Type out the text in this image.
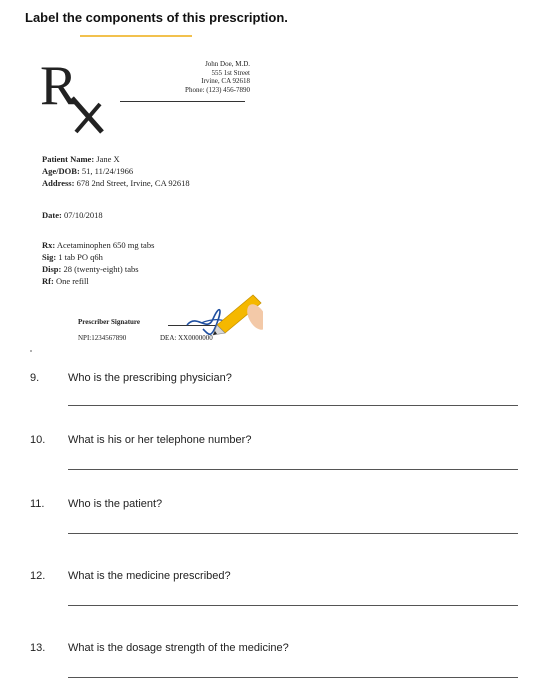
Label the components of this prescription.
R	John Doe, M.D.
555 1st Street
Irvine, CA 92618
Phone: (123) 456-7890
Patient Name: Jane X
Age/DOB: 51, 11/24/1966
Address: 678 2nd Street, Irvine, CA 92618
Date: 07/10/2018
Rx: Acetaminophen 650 mg tabs
Sig: 1 tab PO q6h
Disp: 28 (twenty-eight) tabs
Rf: One refill
Prescriber Signature
NPI:1234567890	DEA: XX0000000
9.	Who is the prescribing physician?
10. What is his or her telephone number?
11. Who is the patient?
12. What is the medicine prescribed?
13. What is the dosage strength of the medicine?
